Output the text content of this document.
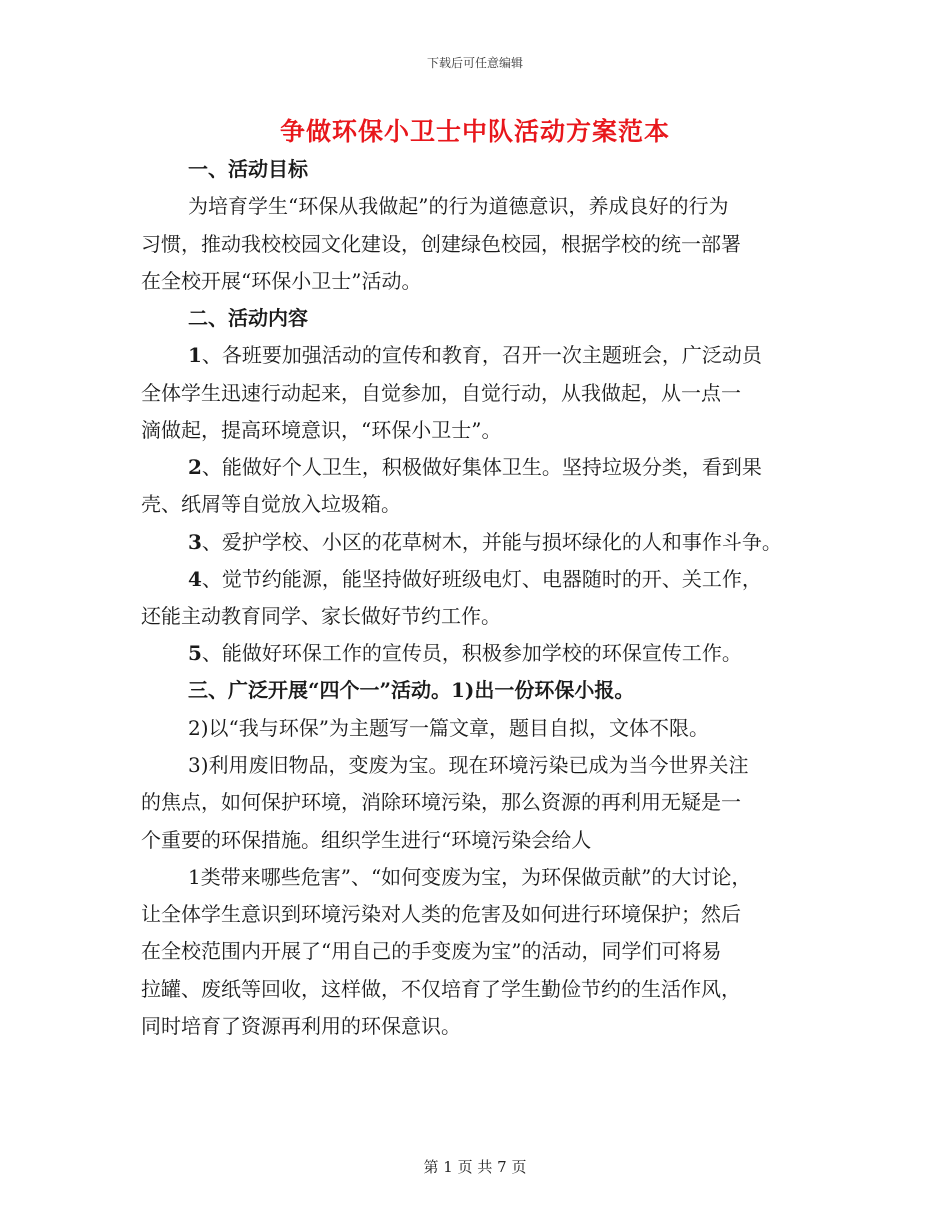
下载后可任意编辑
争做环保小卫士中队活动方案范本
一、活动目标
为培育学生“环保从我做起”的行为道德意识，养成良好的行为
习惯，推动我校校园文化建设，创建绿色校园，根据学校的统一部署
在全校开展“环保小卫士”活动。
二、活动内容
1、各班要加强活动的宣传和教育，召开一次主题班会，广泛动员
全体学生迅速行动起来，自觉参加，自觉行动，从我做起，从一点一
滴做起，提高环境意识，“环保小卫士”。
2、能做好个人卫生，积极做好集体卫生。坚持垃圾分类，看到果
壳、纸屑等自觉放入垃圾箱。
3、爱护学校、小区的花草树木，并能与损坏绿化的人和事作斗争。
4、觉节约能源，能坚持做好班级电灯、电器随时的开、关工作，
还能主动教育同学、家长做好节约工作。
5、能做好环保工作的宣传员，积极参加学校的环保宣传工作。
三、广泛开展“四个一”活动。1)出一份环保小报。
2)以“我与环保”为主题写一篇文章，题目自拟，文体不限。
3)利用废旧物品，变废为宝。现在环境污染已成为当今世界关注
的焦点，如何保护环境，消除环境污染，那么资源的再利用无疑是一
个重要的环保措施。组织学生进行“环境污染会给人
1类带来哪些危害”、“如何变废为宝，为环保做贡献”的大讨论，
让全体学生意识到环境污染对人类的危害及如何进行环境保护；然后
在全校范围内开展了“用自己的手变废为宝”的活动，同学们可将易
拉罐、废纸等回收，这样做，不仅培育了学生勤俭节约的生活作风，
同时培育了资源再利用的环保意识。
第 1 页 共 7 页
